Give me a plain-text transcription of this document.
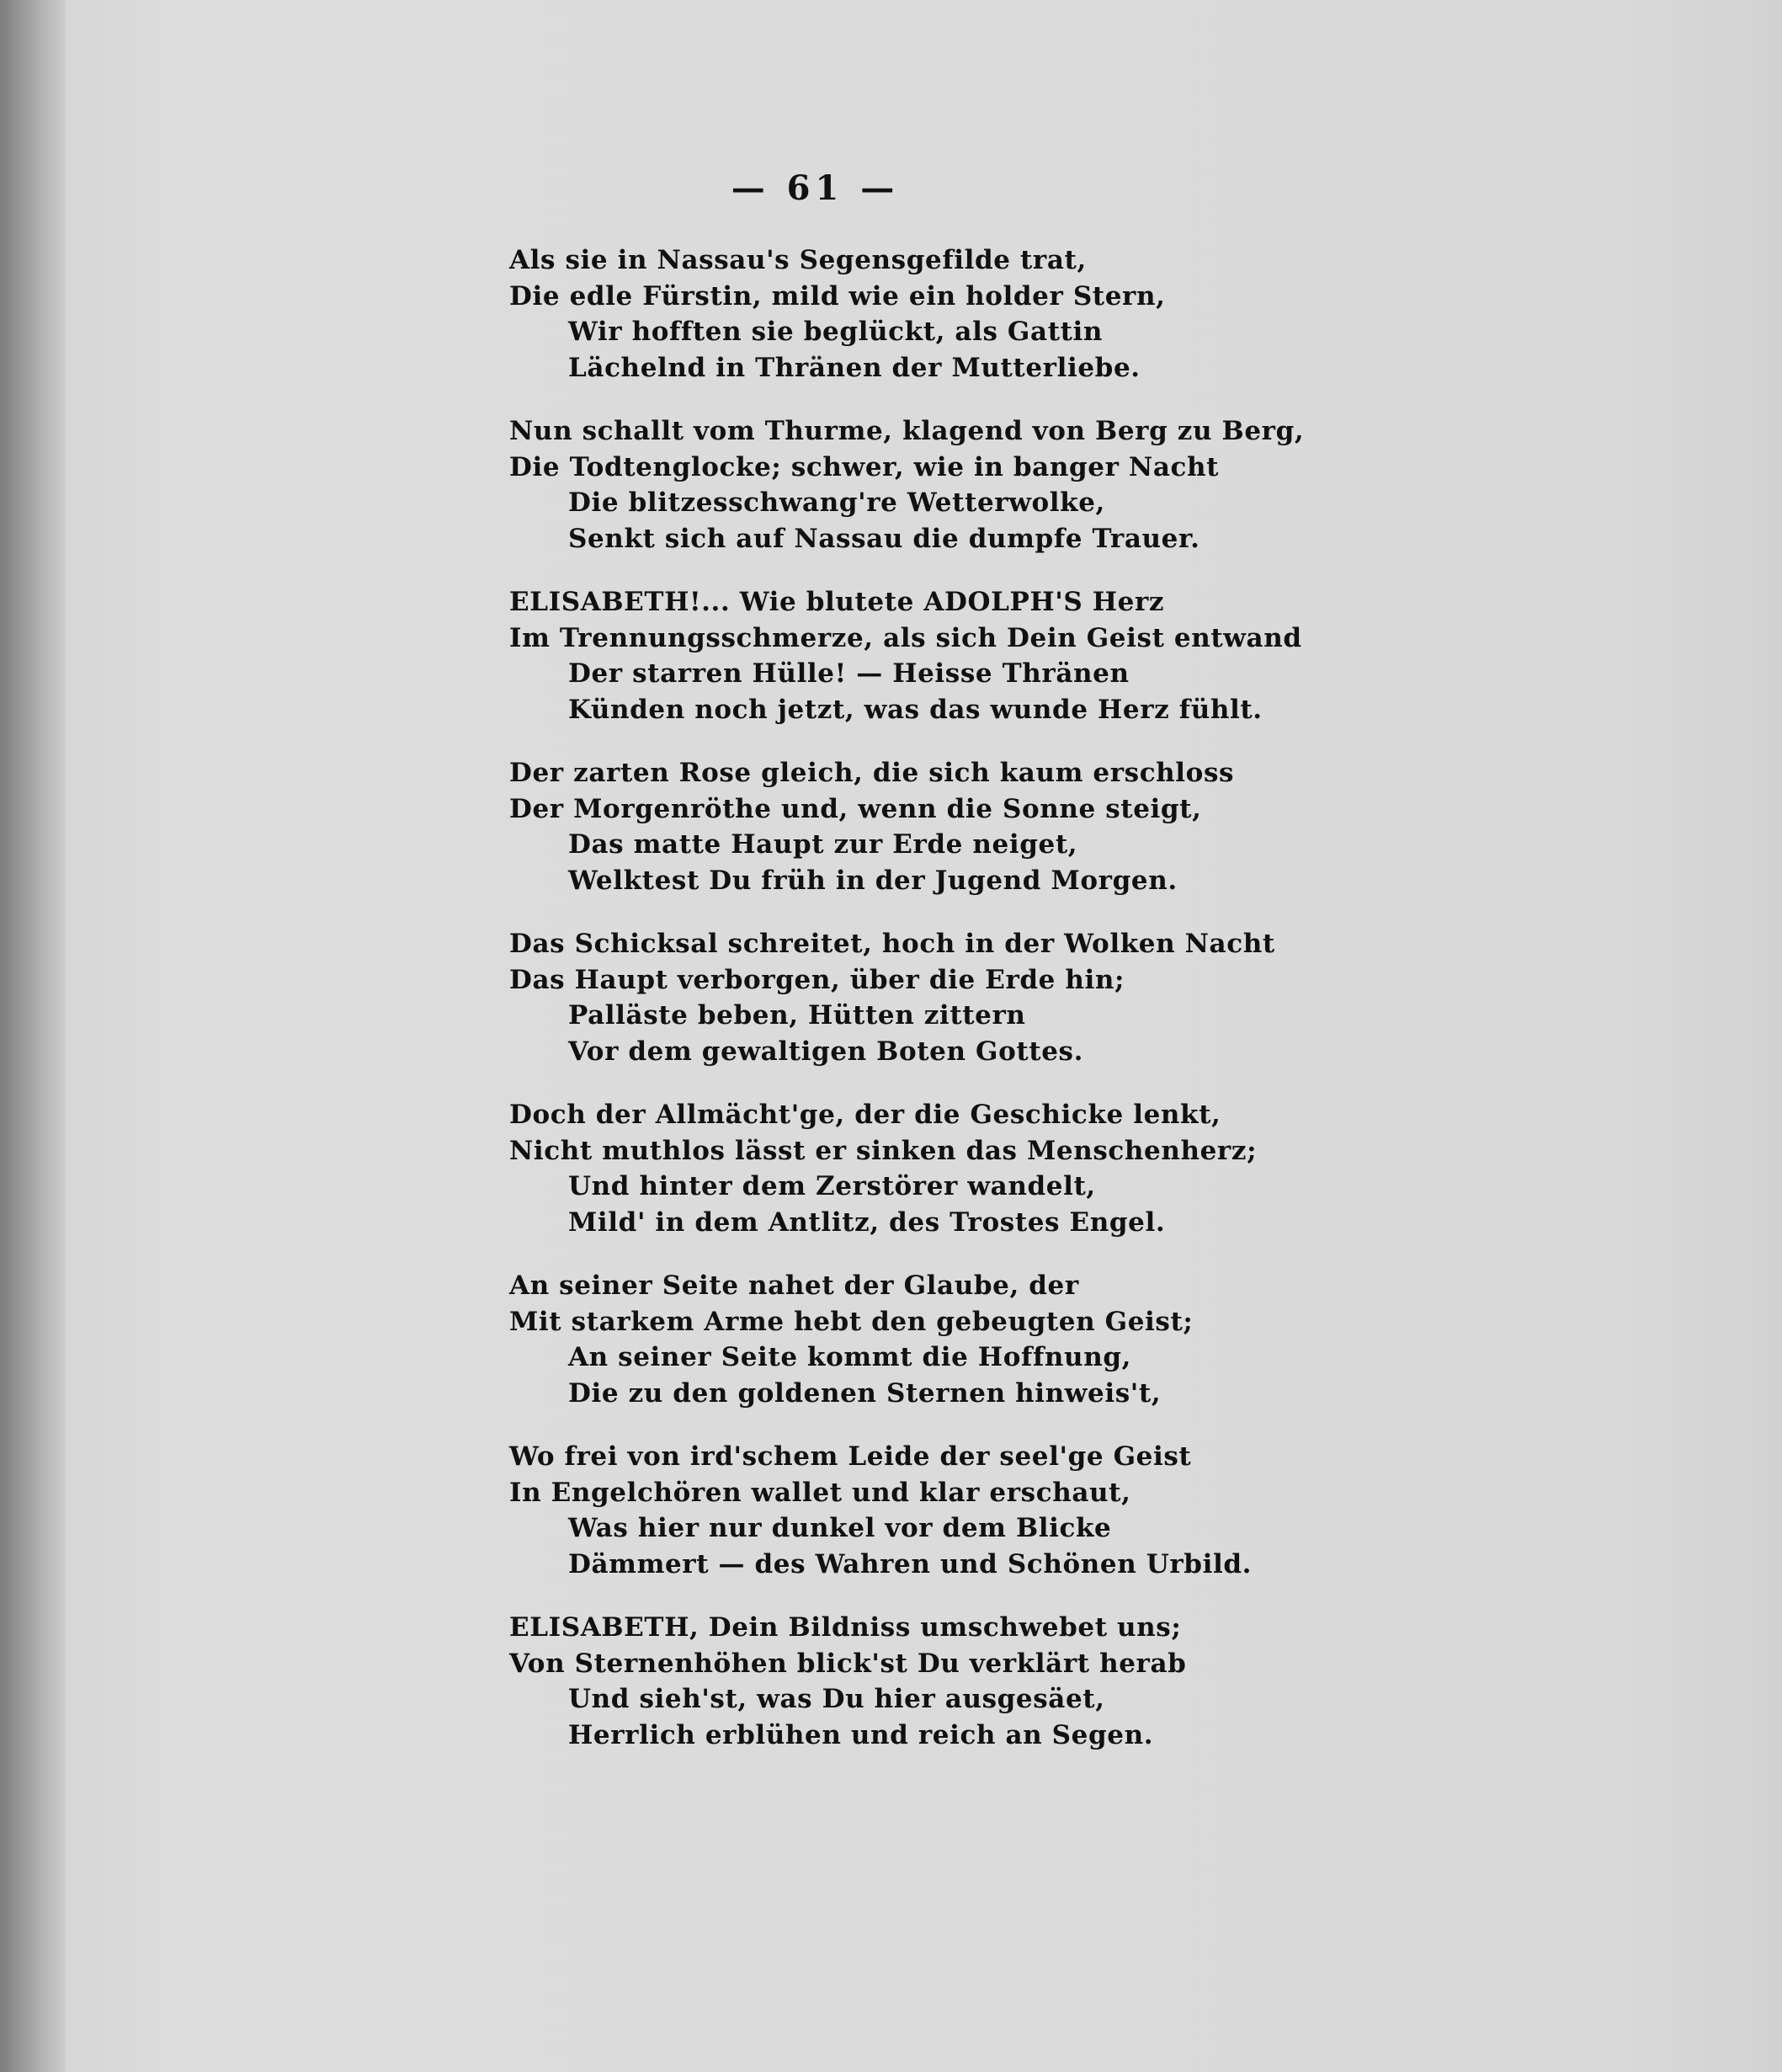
— 61 —
Als sie in Nassau's Segensgefilde trat,
Die edle Fürstin, mild wie ein holder Stern,
Wir hofften sie beglückt, als Gattin
Lächelnd in Thränen der Mutterliebe.
Nun schallt vom Thurme, klagend von Berg zu Berg,
Die Todtenglocke; schwer, wie in banger Nacht
Die blitzesschwang're Wetterwolke,
Senkt sich auf Nassau die dumpfe Trauer.
ELISABETH!... Wie blutete ADOLPH'S Herz
Im Trennungsschmerze, als sich Dein Geist entwand
Der starren Hülle! — Heisse Thränen
Künden noch jetzt, was das wunde Herz fühlt.
Der zarten Rose gleich, die sich kaum erschloss
Der Morgenröthe und, wenn die Sonne steigt,
Das matte Haupt zur Erde neiget,
Welktest Du früh in der Jugend Morgen.
Das Schicksal schreitet, hoch in der Wolken Nacht
Das Haupt verborgen, über die Erde hin;
Palläste beben, Hütten zittern
Vor dem gewaltigen Boten Gottes.
Doch der Allmächt'ge, der die Geschicke lenkt,
Nicht muthlos lässt er sinken das Menschenherz;
Und hinter dem Zerstörer wandelt,
Mild' in dem Antlitz, des Trostes Engel.
An seiner Seite nahet der Glaube, der
Mit starkem Arme hebt den gebeugten Geist;
An seiner Seite kommt die Hoffnung,
Die zu den goldenen Sternen hinweis't,
Wo frei von ird'schem Leide der seel'ge Geist
In Engelchören wallet und klar erschaut,
Was hier nur dunkel vor dem Blicke
Dämmert — des Wahren und Schönen Urbild.
ELISABETH, Dein Bildniss umschwebet uns;
Von Sternenhöhen blick'st Du verklärt herab
Und sieh'st, was Du hier ausgesäet,
Herrlich erblühen und reich an Segen.
